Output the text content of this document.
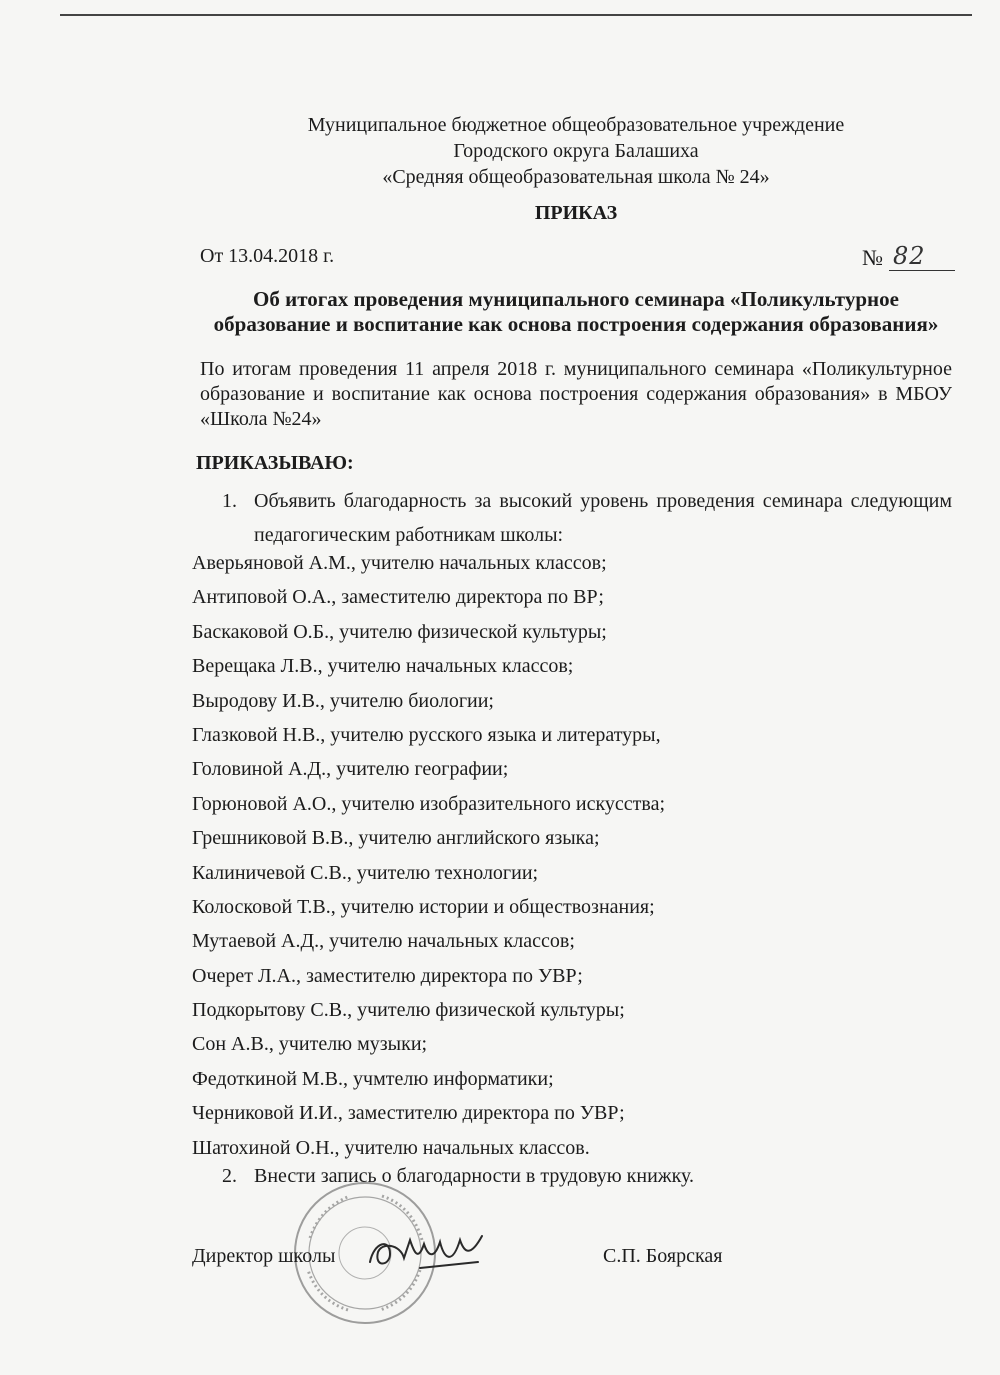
Муниципальное бюджетное общеобразовательное учреждение
Городского округа Балашиха
«Средняя общеобразовательная школа № 24»
ПРИКАЗ
От 13.04.2018 г.	№ 82
Об итогах проведения муниципального семинара «Поликультурное
образование и воспитание как основа построения содержания образования»
По итогам проведения 11 апреля 2018 г. муниципального семинара «Поликультурное образование и воспитание как основа построения содержания образования» в МБОУ «Школа №24»
ПРИКАЗЫВАЮ:
1. Объявить благодарность за высокий уровень проведения семинара следующим педагогическим работникам школы:
Аверьяновой А.М., учителю начальных классов;
Антиповой О.А., заместителю директора по ВР;
Баскаковой О.Б., учителю физической культуры;
Верещака Л.В., учителю начальных классов;
Выродову И.В., учителю биологии;
Глазковой Н.В., учителю русского языка и литературы,
Головиной А.Д., учителю географии;
Горюновой А.О., учителю изобразительного искусства;
Грешниковой В.В., учителю английского языка;
Калиничевой С.В., учителю технологии;
Колосковой Т.В., учителю истории и обществознания;
Мутаевой А.Д., учителю начальных классов;
Очерет Л.А., заместителю директора по УВР;
Подкорытову С.В., учителю физической культуры;
Сон А.В., учителю музыки;
Федоткиной М.В., учмтелю информатики;
Черниковой И.И., заместителю директора по УВР;
Шатохиной О.Н., учителю начальных классов.
2. Внести запись о благодарности в трудовую книжку.
Директор школы	С.П. Боярская
